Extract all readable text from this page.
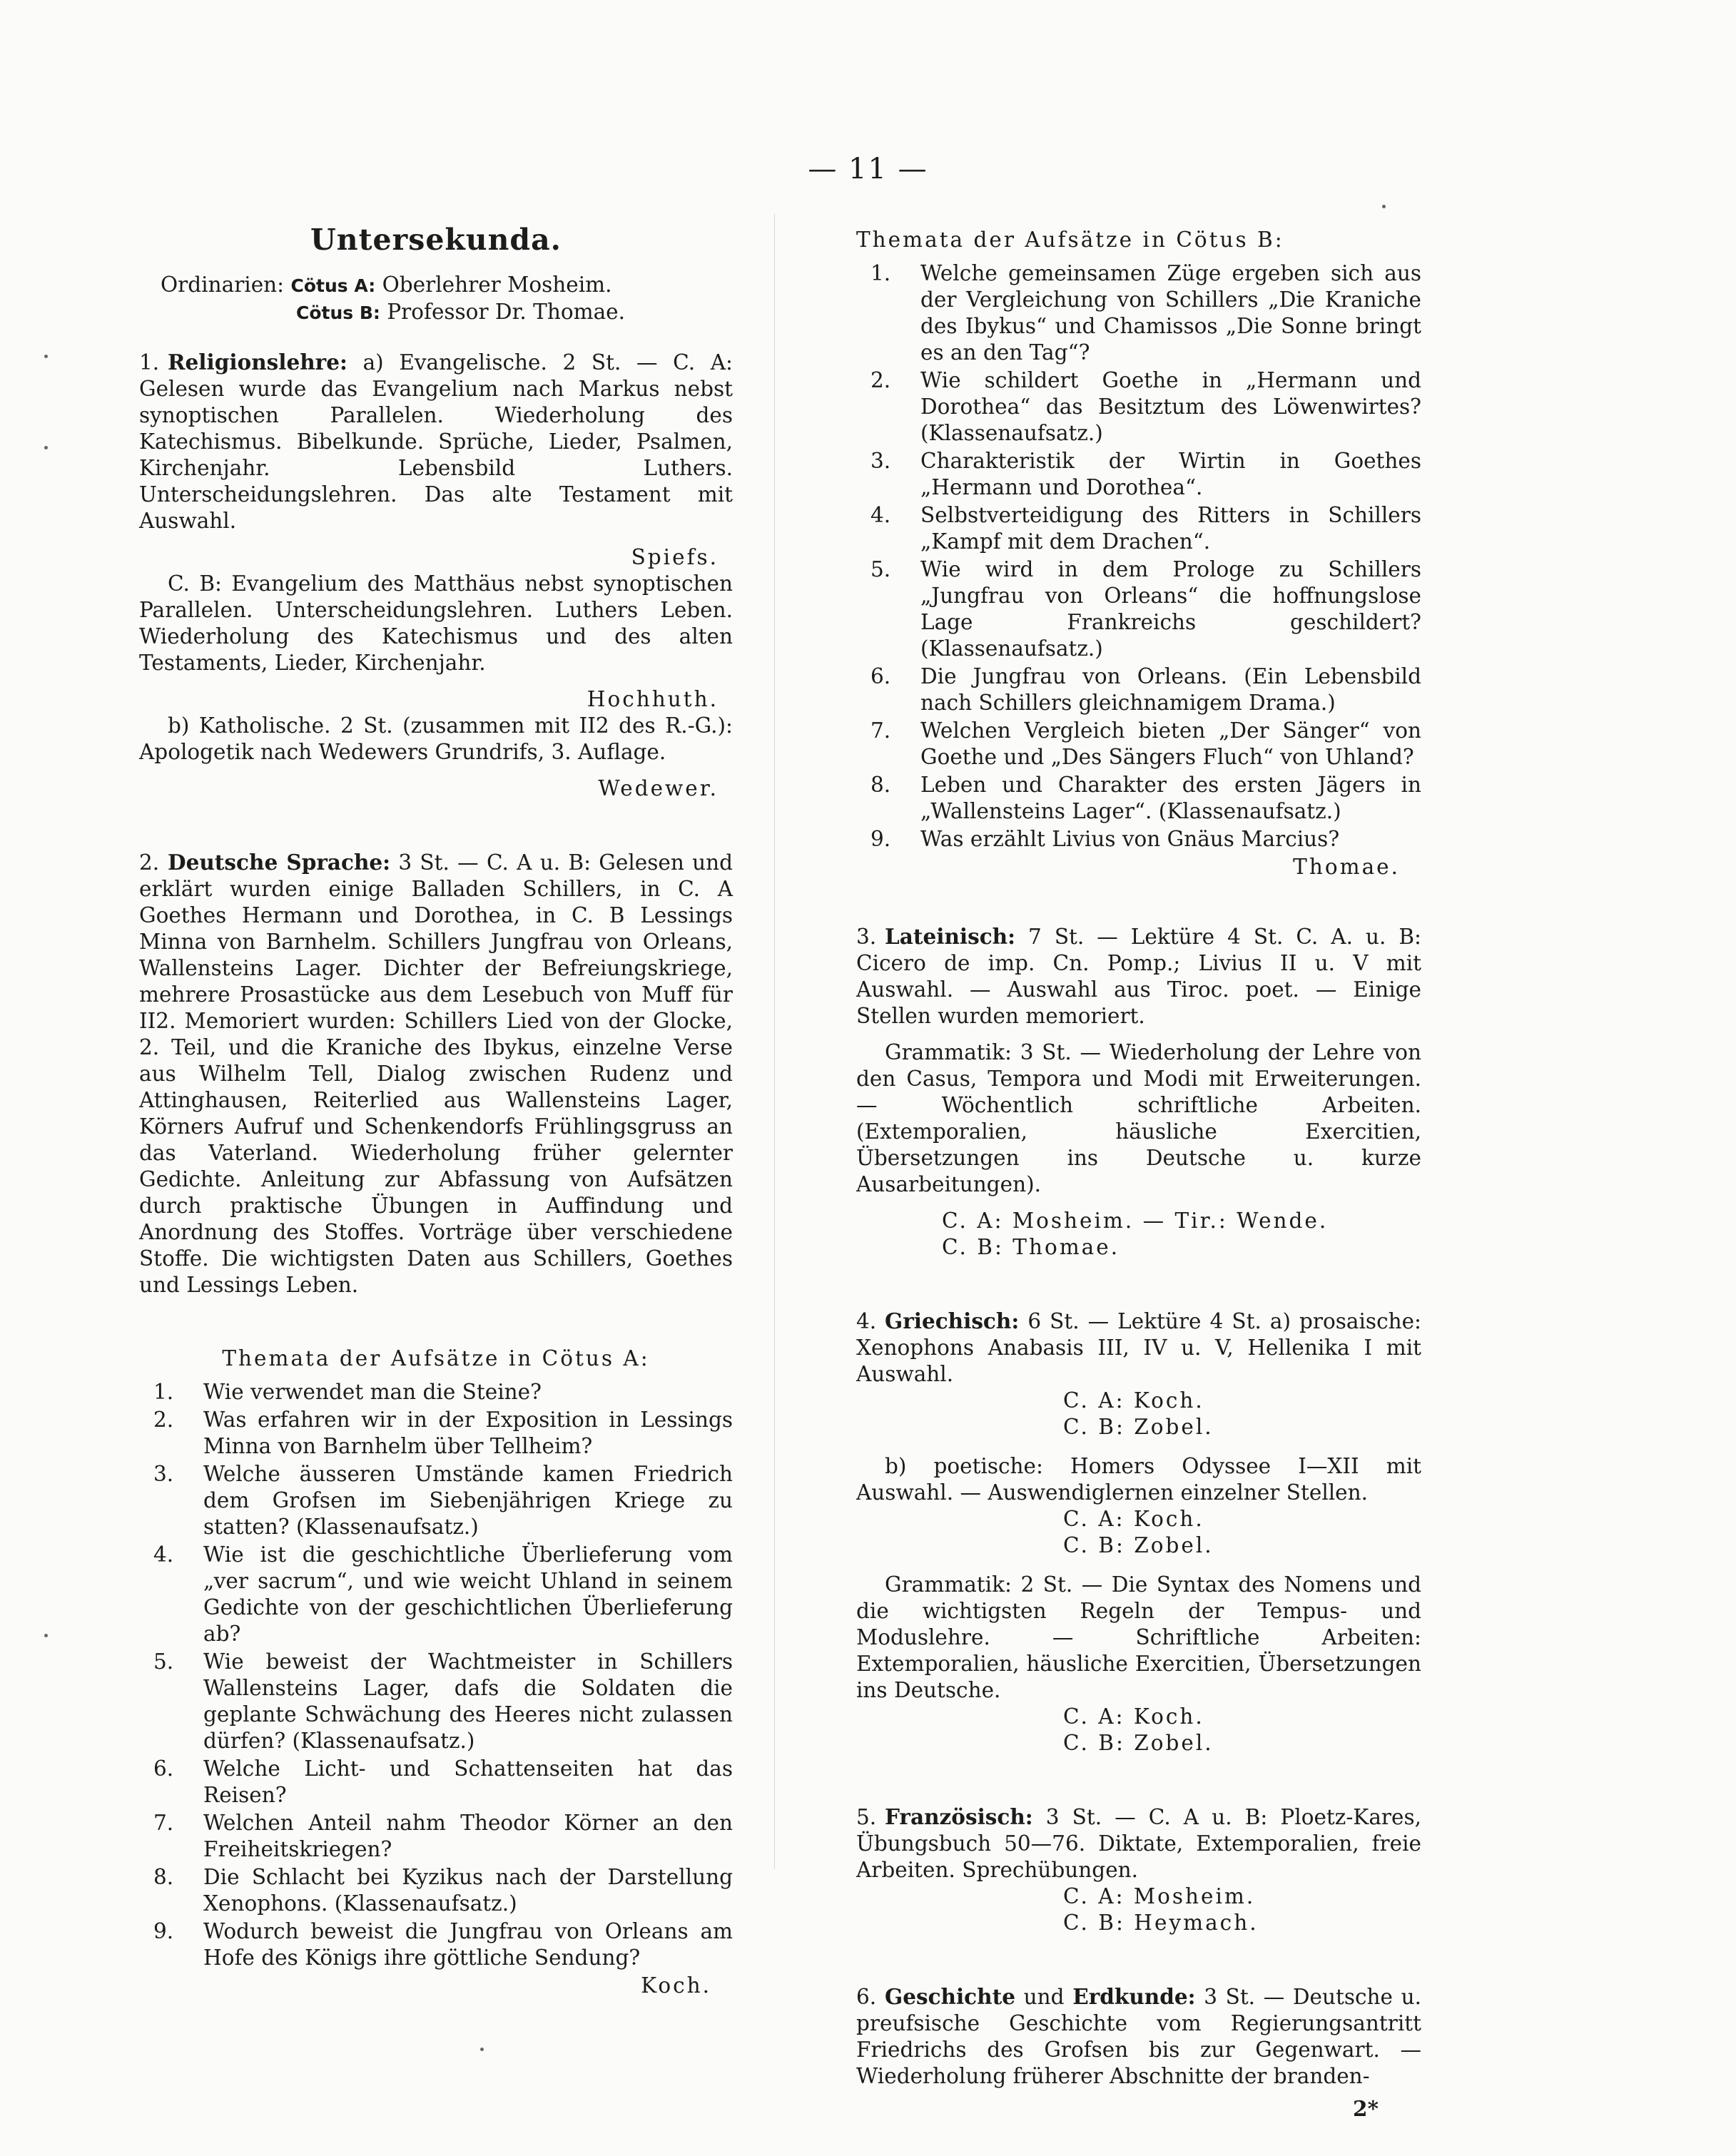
— 11 —
Untersekunda.
Ordinarien: Cötus A: Oberlehrer Mosheim.
Cötus B: Professor Dr. Thomae.

1. Religionslehre: a) Evangelische. 2 St. — C. A: Gelesen wurde das Evangelium nach Markus nebst synoptischen Parallelen. Wiederholung des Katechismus. Bibelkunde. Sprüche, Lieder, Psalmen, Kirchenjahr. Lebensbild Luthers. Unterscheidungslehren. Das alte Testament mit Auswahl.

Spiefs.

C. B: Evangelium des Matthäus nebst synoptischen Parallelen. Unterscheidungslehren. Luthers Leben. Wiederholung des Katechismus und des alten Testaments, Lieder, Kirchenjahr.

Hochhuth.

b) Katholische. 2 St. (zusammen mit II2 des R.-G.): Apologetik nach Wedewers Grundrifs, 3. Auflage.

Wedewer.

2. Deutsche Sprache: 3 St. — C. A u. B: Gelesen und erklärt wurden einige Balladen Schillers, in C. A Goethes Hermann und Dorothea, in C. B Lessings Minna von Barnhelm. Schillers Jungfrau von Orleans, Wallensteins Lager. Dichter der Befreiungskriege, mehrere Prosastücke aus dem Lesebuch von Muff für II2. Memoriert wurden: Schillers Lied von der Glocke, 2. Teil, und die Kraniche des Ibykus, einzelne Verse aus Wilhelm Tell, Dialog zwischen Rudenz und Attinghausen, Reiterlied aus Wallensteins Lager, Körners Aufruf und Schenkendorfs Frühlingsgruss an das Vaterland. Wiederholung früher gelernter Gedichte. Anleitung zur Abfassung von Aufsätzen durch praktische Übungen in Auffindung und Anordnung des Stoffes. Vorträge über verschiedene Stoffe. Die wichtigsten Daten aus Schillers, Goethes und Lessings Leben.

Themata der Aufsätze in Cötus A:
1. Wie verwendet man die Steine?
2. Was erfahren wir in der Exposition in Lessings Minna von Barnhelm über Tellheim?
3. Welche äusseren Umstände kamen Friedrich dem Grofsen im Siebenjährigen Kriege zu statten? (Klassenaufsatz.)
4. Wie ist die geschichtliche Überlieferung vom „ver sacrum“, und wie weicht Uhland in seinem Gedichte von der geschichtlichen Überlieferung ab?
5. Wie beweist der Wachtmeister in Schillers Wallensteins Lager, dafs die Soldaten die geplante Schwächung des Heeres nicht zulassen dürfen? (Klassenaufsatz.)
6. Welche Licht- und Schattenseiten hat das Reisen?
7. Welchen Anteil nahm Theodor Körner an den Freiheitskriegen?
8. Die Schlacht bei Kyzikus nach der Darstellung Xenophons. (Klassenaufsatz.)
9. Wodurch beweist die Jungfrau von Orleans am Hofe des Königs ihre göttliche Sendung?
Koch.
Themata der Aufsätze in Cötus B:
1. Welche gemeinsamen Züge ergeben sich aus der Vergleichung von Schillers „Die Kraniche des Ibykus“ und Chamissos „Die Sonne bringt es an den Tag“?
2. Wie schildert Goethe in „Hermann und Dorothea“ das Besitztum des Löwenwirtes? (Klassenaufsatz.)
3. Charakteristik der Wirtin in Goethes „Hermann und Dorothea“.
4. Selbstverteidigung des Ritters in Schillers „Kampf mit dem Drachen“.
5. Wie wird in dem Prologe zu Schillers „Jungfrau von Orleans“ die hoffnungslose Lage Frankreichs geschildert? (Klassenaufsatz.)
6. Die Jungfrau von Orleans. (Ein Lebensbild nach Schillers gleichnamigem Drama.)
7. Welchen Vergleich bieten „Der Sänger“ von Goethe und „Des Sängers Fluch“ von Uhland?
8. Leben und Charakter des ersten Jägers in „Wallensteins Lager“. (Klassenaufsatz.)
9. Was erzählt Livius von Gnäus Marcius?
Thomae.

3. Lateinisch: 7 St. — Lektüre 4 St. C. A. u. B: Cicero de imp. Cn. Pomp.; Livius II u. V mit Auswahl. — Auswahl aus Tiroc. poet. — Einige Stellen wurden memoriert.

Grammatik: 3 St. — Wiederholung der Lehre von den Casus, Tempora und Modi mit Erweiterungen. — Wöchentlich schriftliche Arbeiten. (Extemporalien, häusliche Exercitien, Übersetzungen ins Deutsche u. kurze Ausarbeitungen).

C. A: Mosheim. — Tir.: Wende.
C. B: Thomae.

4. Griechisch: 6 St. — Lektüre 4 St. a) prosaische: Xenophons Anabasis III, IV u. V, Hellenika I mit Auswahl.

C. A: Koch.
C. B: Zobel.

b) poetische: Homers Odyssee I—XII mit Auswahl. — Auswendiglernen einzelner Stellen.

C. A: Koch.
C. B: Zobel.

Grammatik: 2 St. — Die Syntax des Nomens und die wichtigsten Regeln der Tempus- und Moduslehre. — Schriftliche Arbeiten: Extemporalien, häusliche Exercitien, Übersetzungen ins Deutsche.

C. A: Koch.
C. B: Zobel.

5. Französisch: 3 St. — C. A u. B: Ploetz-Kares, Übungsbuch 50—76. Diktate, Extemporalien, freie Arbeiten. Sprechübungen.

C. A: Mosheim.
C. B: Heymach.

6. Geschichte und Erdkunde: 3 St. — Deutsche u. preufsische Geschichte vom Regierungsantritt Friedrichs des Grofsen bis zur Gegenwart. — Wiederholung früherer Abschnitte der branden-

2*
